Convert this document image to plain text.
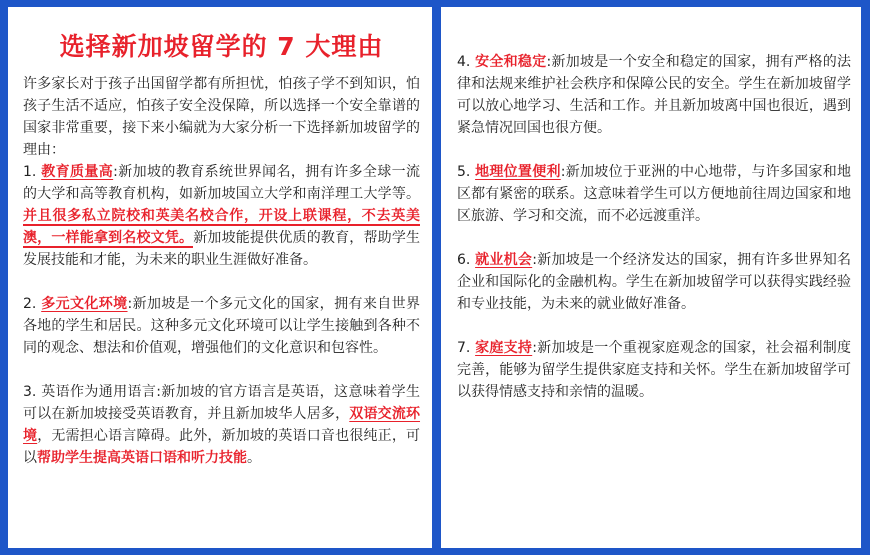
选择新加坡留学的 7 大理由

许多家长对于孩子出国留学都有所担忧，怕孩子学不到知识，怕孩子生活不适应，怕孩子安全没保障，所以选择一个安全靠谱的国家非常重要，接下来小编就为大家分析一下选择新加坡留学的理由：

1. 教育质量高:新加坡的教育系统世界闻名，拥有许多全球一流的大学和高等教育机构，如新加坡国立大学和南洋理工大学等。并且很多私立院校和英美名校合作，开设上联课程，不去英美澳，一样能拿到名校文凭。新加坡能提供优质的教育，帮助学生发展技能和才能，为未来的职业生涯做好准备。

2. 多元文化环境:新加坡是一个多元文化的国家，拥有来自世界各地的学生和居民。这种多元文化环境可以让学生接触到各种不同的观念、想法和价值观，增强他们的文化意识和包容性。

3. 英语作为通用语言:新加坡的官方语言是英语，这意味着学生可以在新加坡接受英语教育，并且新加坡华人居多，双语交流环境，无需担心语言障碍。此外，新加坡的英语口音也很纯正，可以帮助学生提高英语口语和听力技能。

4. 安全和稳定:新加坡是一个安全和稳定的国家，拥有严格的法律和法规来维护社会秩序和保障公民的安全。学生在新加坡留学可以放心地学习、生活和工作。并且新加坡离中国也很近，遇到紧急情况回国也很方便。

5. 地理位置便利:新加坡位于亚洲的中心地带，与许多国家和地区都有紧密的联系。这意味着学生可以方便地前往周边国家和地区旅游、学习和交流，而不必远渡重洋。

6. 就业机会:新加坡是一个经济发达的国家，拥有许多世界知名企业和国际化的金融机构。学生在新加坡留学可以获得实践经验和专业技能，为未来的就业做好准备。

7. 家庭支持:新加坡是一个重视家庭观念的国家，社会福利制度完善，能够为留学生提供家庭支持和关怀。学生在新加坡留学可以获得情感支持和亲情的温暖。
